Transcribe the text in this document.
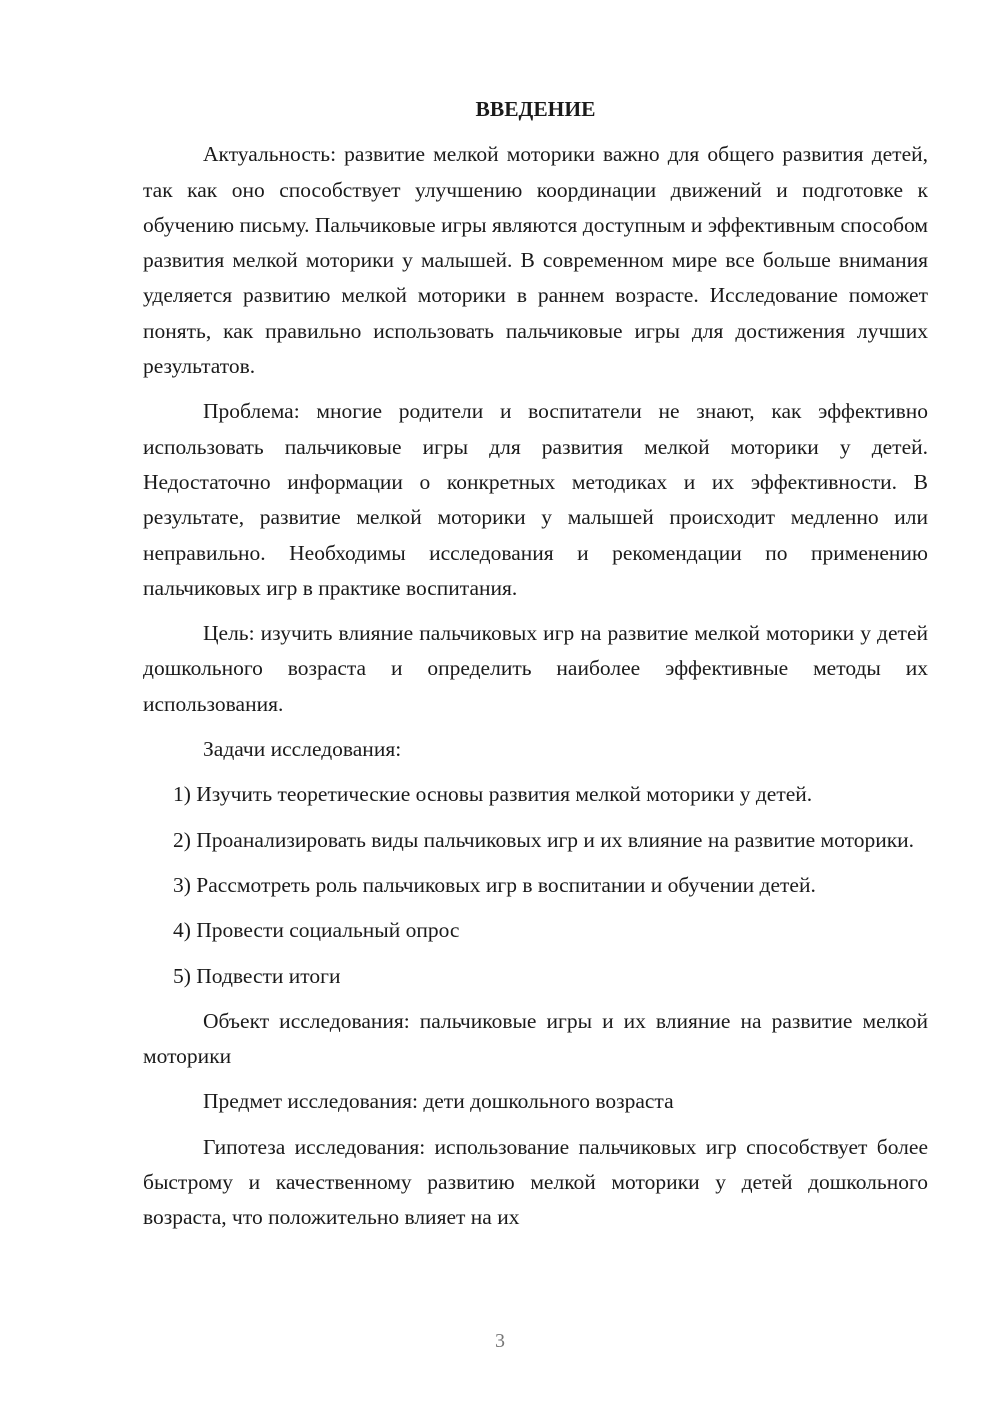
ВВЕДЕНИЕ

Актуальность: развитие мелкой моторики важно для общего развития детей, так как оно способствует улучшению координации движений и подготовке к обучению письму. Пальчиковые игры являются доступным и эффективным способом развития мелкой моторики у малышей. В современном мире все больше внимания уделяется развитию мелкой моторики в раннем возрасте. Исследование поможет понять, как правильно использовать пальчиковые игры для достижения лучших результатов.

Проблема: многие родители и воспитатели не знают, как эффективно использовать пальчиковые игры для развития мелкой моторики у детей. Недостаточно информации о конкретных методиках и их эффективности. В результате, развитие мелкой моторики у малышей происходит медленно или неправильно. Необходимы исследования и рекомендации по применению пальчиковых игр в практике воспитания.

Цель: изучить влияние пальчиковых игр на развитие мелкой моторики у детей дошкольного возраста и определить наиболее эффективные методы их использования.

Задачи исследования:

1) Изучить теоретические основы развития мелкой моторики у детей.

2) Проанализировать виды пальчиковых игр и их влияние на развитие моторики.

3) Рассмотреть роль пальчиковых игр в воспитании и обучении детей.

4) Провести социальный опрос

5) Подвести итоги

Объект исследования: пальчиковые игры и их влияние на развитие мелкой моторики

Предмет исследования: дети дошкольного возраста

Гипотеза исследования: использование пальчиковых игр способствует более быстрому и качественному развитию мелкой моторики у детей дошкольного возраста, что положительно влияет на их

3
